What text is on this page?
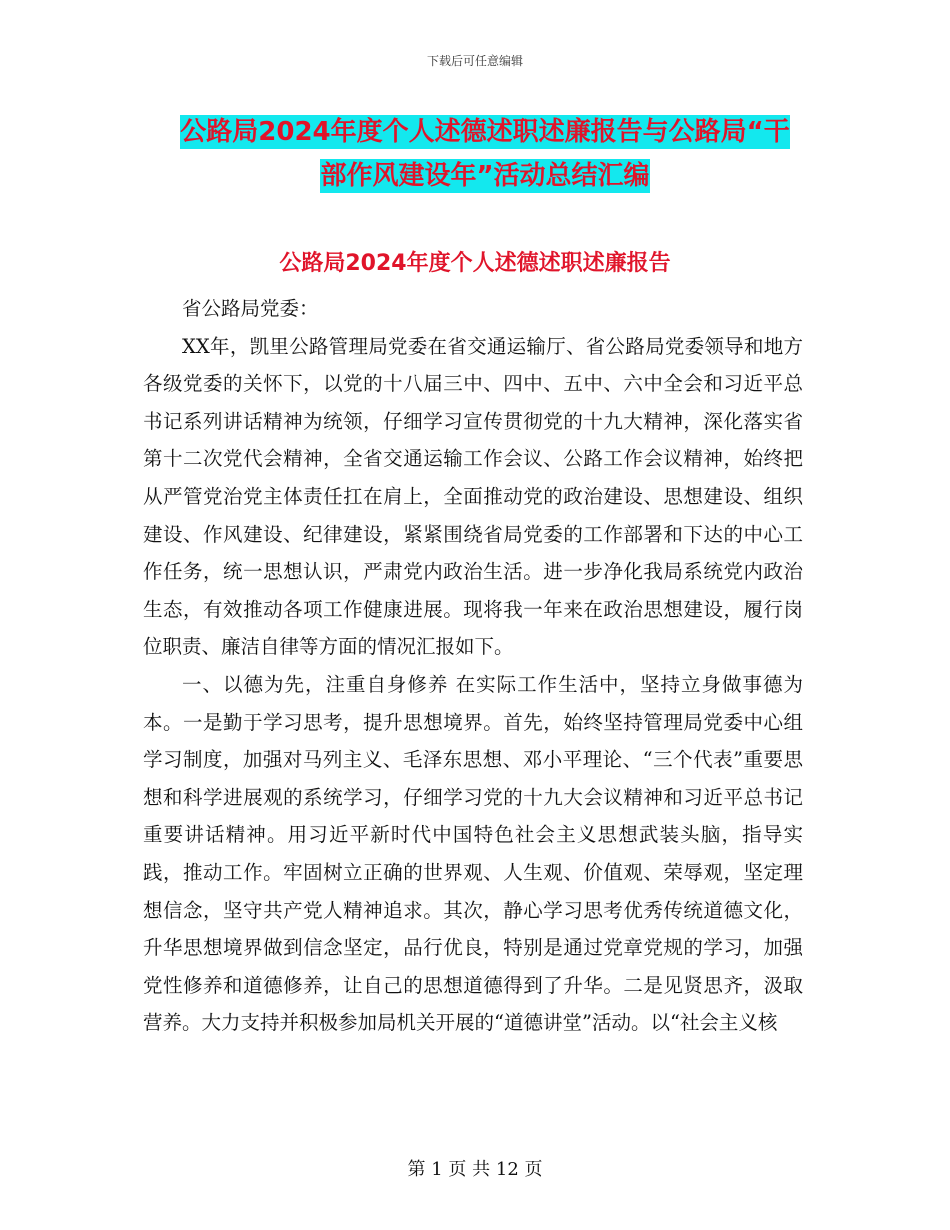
下载后可任意编辑
公路局2024年度个人述德述职述廉报告与公路局“干
部作风建设年”活动总结汇编
公路局2024年度个人述德述职述廉报告

省公路局党委：

XX年，凯里公路管理局党委在省交通运输厅、省公路局党委领导和地方各级党委的关怀下，以党的十八届三中、四中、五中、六中全会和习近平总书记系列讲话精神为统领，仔细学习宣传贯彻党的十九大精神，深化落实省第十二次党代会精神，全省交通运输工作会议、公路工作会议精神，始终把从严管党治党主体责任扛在肩上，全面推动党的政治建设、思想建设、组织建设、作风建设、纪律建设，紧紧围绕省局党委的工作部署和下达的中心工作任务，统一思想认识，严肃党内政治生活。进一步净化我局系统党内政治生态，有效推动各项工作健康进展。现将我一年来在政治思想建设，履行岗位职责、廉洁自律等方面的情况汇报如下。

一、以德为先，注重自身修养 在实际工作生活中，坚持立身做事德为本。一是勤于学习思考，提升思想境界。首先，始终坚持管理局党委中心组学习制度，加强对马列主义、毛泽东思想、邓小平理论、“三个代表”重要思想和科学进展观的系统学习，仔细学习党的十九大会议精神和习近平总书记重要讲话精神。用习近平新时代中国特色社会主义思想武装头脑，指导实践，推动工作。牢固树立正确的世界观、人生观、价值观、荣辱观，坚定理想信念，坚守共产党人精神追求。其次，静心学习思考优秀传统道德文化，升华思想境界做到信念坚定，品行优良，特别是通过党章党规的学习，加强党性修养和道德修养，让自己的思想道德得到了升华。二是见贤思齐，汲取营养。大力支持并积极参加局机关开展的“道德讲堂”活动。以“社会主义核

第 1 页 共 12 页
